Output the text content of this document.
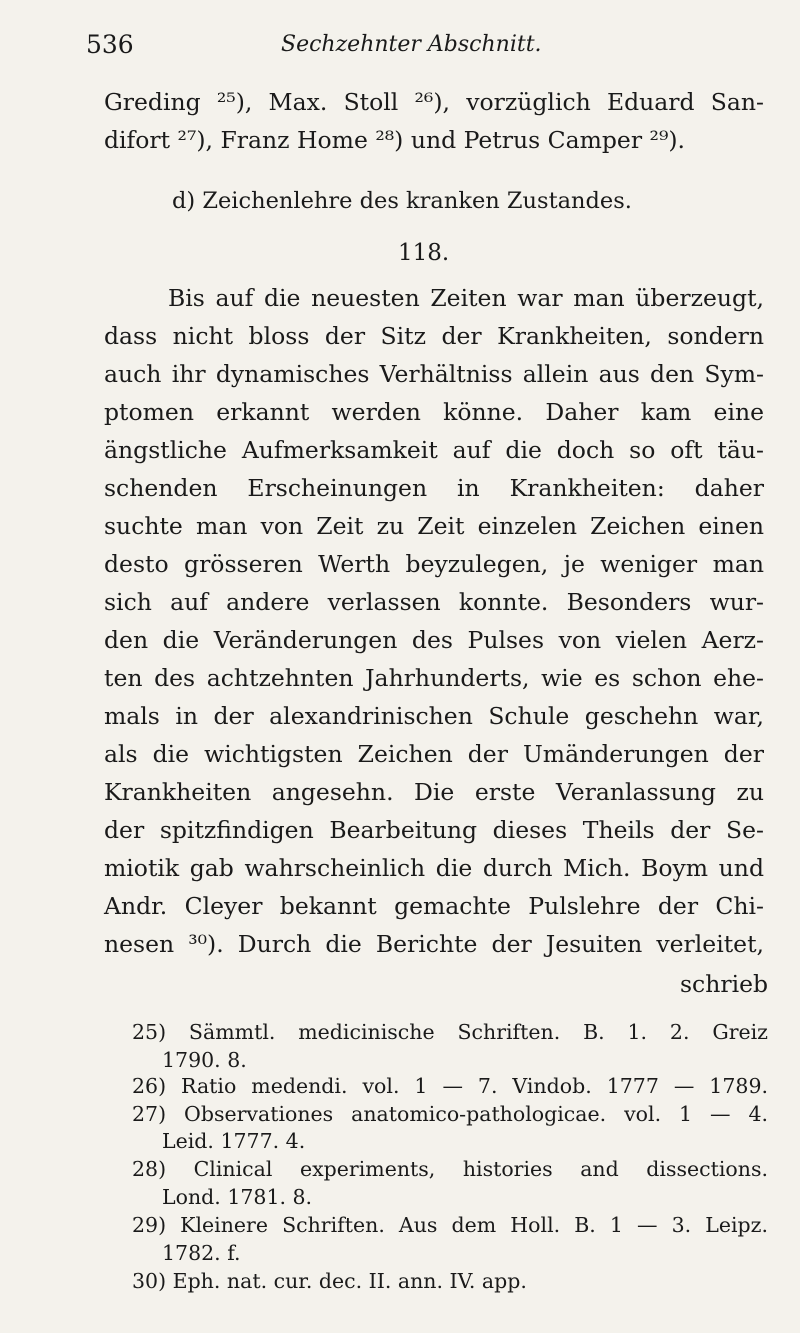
536	Sechzehnter Abschnitt.
Greding ²⁵), Max. Stoll ²⁶), vorzüglich Eduard San-
difort ²⁷), Franz Home ²⁸) und Petrus Camper ²⁹).
d) Zeichenlehre des kranken Zustandes.
118.
Bis auf die neuesten Zeiten war man überzeugt,
dass nicht bloss der Sitz der Krankheiten, sondern
auch ihr dynamisches Verhältniss allein aus den Sym-
ptomen erkannt werden könne. Daher kam eine
ängstliche Aufmerksamkeit auf die doch so oft täu-
schenden Erscheinungen in Krankheiten: daher
suchte man von Zeit zu Zeit einzelen Zeichen einen
desto grösseren Werth beyzulegen, je weniger man
sich auf andere verlassen konnte. Besonders wur-
den die Veränderungen des Pulses von vielen Aerz-
ten des achtzehnten Jahrhunderts, wie es schon ehe-
mals in der alexandrinischen Schule geschehn war,
als die wichtigsten Zeichen der Umänderungen der
Krankheiten angesehn. Die erste Veranlassung zu
der spitzfindigen Bearbeitung dieses Theils der Se-
miotik gab wahrscheinlich die durch Mich. Boym und
Andr. Cleyer bekannt gemachte Pulslehre der Chi-
nesen ³⁰). Durch die Berichte der Jesuiten verleitet,
schrieb
25) Sämmtl. medicinische Schriften. B. 1. 2. Greiz
1790. 8.
26) Ratio medendi. vol. 1 — 7. Vindob. 1777 — 1789.
27) Observationes anatomico-pathologicae. vol. 1 — 4.
Leid. 1777. 4.
28) Clinical experiments, histories and dissections.
Lond. 1781. 8.
29) Kleinere Schriften. Aus dem Holl. B. 1 — 3. Leipz.
1782. f.
30) Eph. nat. cur. dec. II. ann. IV. app.
